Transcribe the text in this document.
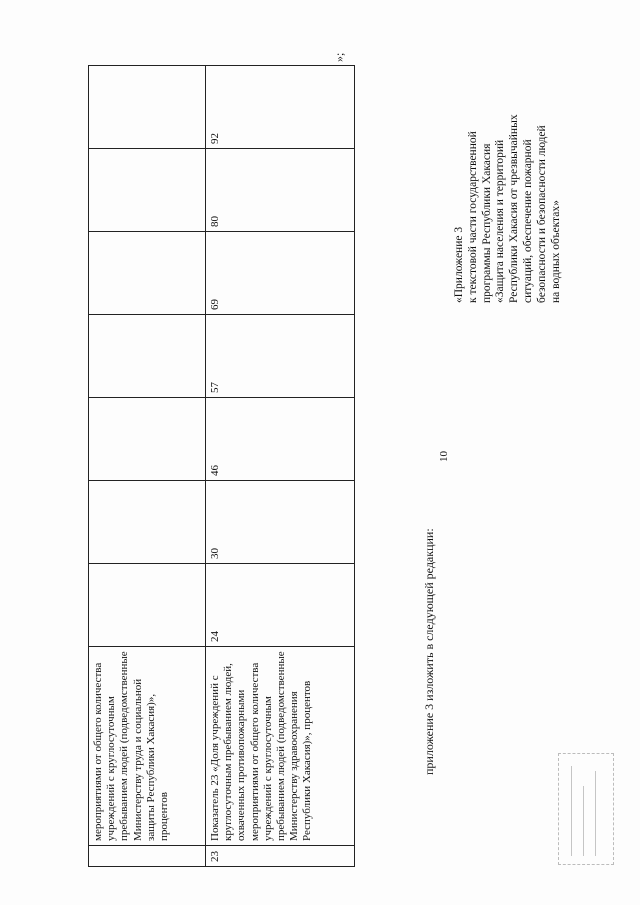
10
	мероприятиями от общего количества учреждений с круглосуточным пребыванием людей (подведомственные Министерству труда и социальной защиты Республики Хакасия)», процентов							
23	Показатель 23 «Доля учреждений с круглосуточным пребыванием людей, охваченных противопожарными мероприятиями от общего количества учреждений с круглосуточным пребыванием людей (подведомственные Министерству здравоохранения Республики Хакасия)», процентов	24	30	46	57	69	80	92
»;
приложение 3 изложить в следующей редакции:
«Приложение 3 к текстовой части государственной программы Республики Хакасия «Защита населения и территорий Республики Хакасия от чрезвычайных ситуаций, обеспечение пожарной безопасности и безопасности людей на водных объектах»
